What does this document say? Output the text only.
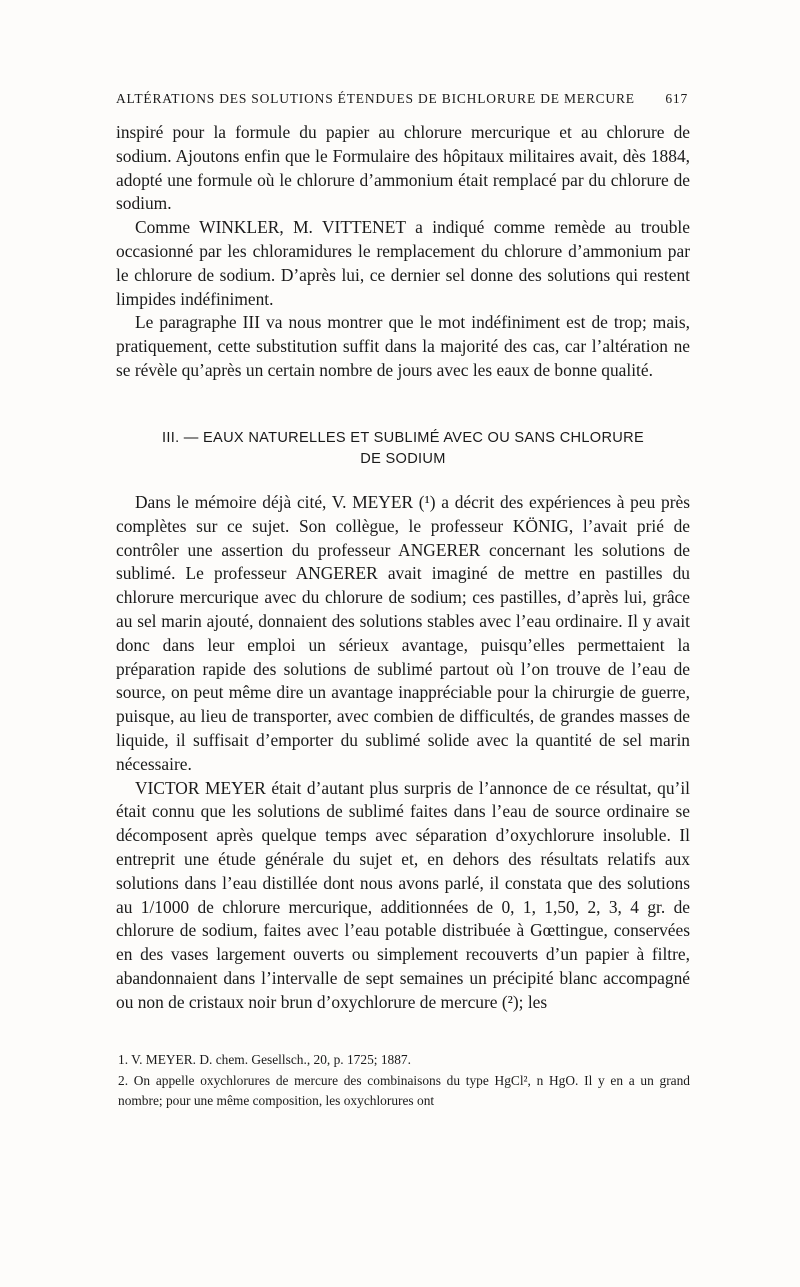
ALTÉRATIONS DES SOLUTIONS ÉTENDUES DE BICHLORURE DE MERCURE 617

inspiré pour la formule du papier au chlorure mercurique et au chlorure de sodium. Ajoutons enfin que le Formulaire des hôpitaux militaires avait, dès 1884, adopté une formule où le chlorure d’ammonium était remplacé par du chlorure de sodium.

Comme WINKLER, M. VITTENET a indiqué comme remède au trouble occasionné par les chloramidures le remplacement du chlorure d’ammonium par le chlorure de sodium. D’après lui, ce dernier sel donne des solutions qui restent limpides indéfiniment.

Le paragraphe III va nous montrer que le mot indéfiniment est de trop; mais, pratiquement, cette substitution suffit dans la majorité des cas, car l’altération ne se révèle qu’après un certain nombre de jours avec les eaux de bonne qualité.

III. — EAUX NATURELLES ET SUBLIMÉ AVEC OU SANS CHLORURE
DE SODIUM

Dans le mémoire déjà cité, V. MEYER (¹) a décrit des expériences à peu près complètes sur ce sujet. Son collègue, le professeur KÖNIG, l’avait prié de contrôler une assertion du professeur ANGERER concernant les solutions de sublimé. Le professeur ANGERER avait imaginé de mettre en pastilles du chlorure mercurique avec du chlorure de sodium; ces pastilles, d’après lui, grâce au sel marin ajouté, donnaient des solutions stables avec l’eau ordinaire. Il y avait donc dans leur emploi un sérieux avantage, puisqu’elles permettaient la préparation rapide des solutions de sublimé partout où l’on trouve de l’eau de source, on peut même dire un avantage inappréciable pour la chirurgie de guerre, puisque, au lieu de transporter, avec combien de difficultés, de grandes masses de liquide, il suffisait d’emporter du sublimé solide avec la quantité de sel marin nécessaire.

VICTOR MEYER était d’autant plus surpris de l’annonce de ce résultat, qu’il était connu que les solutions de sublimé faites dans l’eau de source ordinaire se décomposent après quelque temps avec séparation d’oxychlorure insoluble. Il entreprit une étude générale du sujet et, en dehors des résultats relatifs aux solutions dans l’eau distillée dont nous avons parlé, il constata que des solutions au 1/1000 de chlorure mercurique, additionnées de 0, 1, 1,50, 2, 3, 4 gr. de chlorure de sodium, faites avec l’eau potable distribuée à Gœttingue, conservées en des vases largement ouverts ou simplement recouverts d’un papier à filtre, abandonnaient dans l’intervalle de sept semaines un précipité blanc accompagné ou non de cristaux noir brun d’oxychlorure de mercure (²); les

1. V. MEYER. D. chem. Gesellsch., 20, p. 1725; 1887.

2. On appelle oxychlorures de mercure des combinaisons du type HgCl², n HgO. Il y en a un grand nombre; pour une même composition, les oxychlorures ont
